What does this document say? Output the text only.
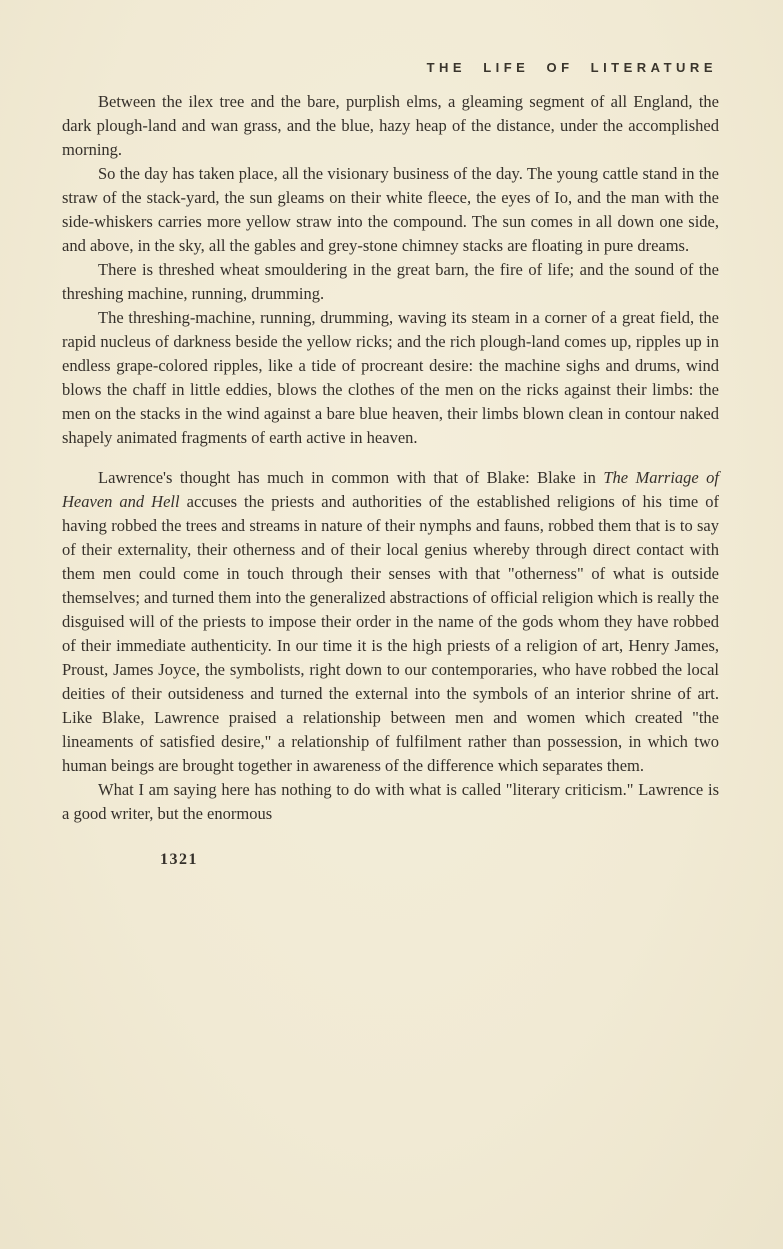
THE LIFE OF LITERATURE

Between the ilex tree and the bare, purplish elms, a gleaming segment of all England, the dark plough-land and wan grass, and the blue, hazy heap of the distance, under the accomplished morning.

So the day has taken place, all the visionary business of the day. The young cattle stand in the straw of the stack-yard, the sun gleams on their white fleece, the eyes of Io, and the man with the side-whiskers carries more yellow straw into the compound. The sun comes in all down one side, and above, in the sky, all the gables and grey-stone chimney stacks are floating in pure dreams.

There is threshed wheat smouldering in the great barn, the fire of life; and the sound of the threshing machine, running, drumming.

The threshing-machine, running, drumming, waving its steam in a corner of a great field, the rapid nucleus of darkness beside the yellow ricks; and the rich plough-land comes up, ripples up in endless grape-colored ripples, like a tide of procreant desire: the machine sighs and drums, wind blows the chaff in little eddies, blows the clothes of the men on the ricks against their limbs: the men on the stacks in the wind against a bare blue heaven, their limbs blown clean in contour naked shapely animated fragments of earth active in heaven.

Lawrence's thought has much in common with that of Blake: Blake in The Marriage of Heaven and Hell accuses the priests and authorities of the established religions of his time of having robbed the trees and streams in nature of their nymphs and fauns, robbed them that is to say of their externality, their otherness and of their local genius whereby through direct contact with them men could come in touch through their senses with that "otherness" of what is outside themselves; and turned them into the generalized abstractions of official religion which is really the disguised will of the priests to impose their order in the name of the gods whom they have robbed of their immediate authenticity. In our time it is the high priests of a religion of art, Henry James, Proust, James Joyce, the symbolists, right down to our contemporaries, who have robbed the local deities of their outsideness and turned the external into the symbols of an interior shrine of art. Like Blake, Lawrence praised a relationship between men and women which created "the lineaments of satisfied desire," a relationship of fulfilment rather than possession, in which two human beings are brought together in awareness of the difference which separates them.

What I am saying here has nothing to do with what is called "literary criticism." Lawrence is a good writer, but the enormous

1321
